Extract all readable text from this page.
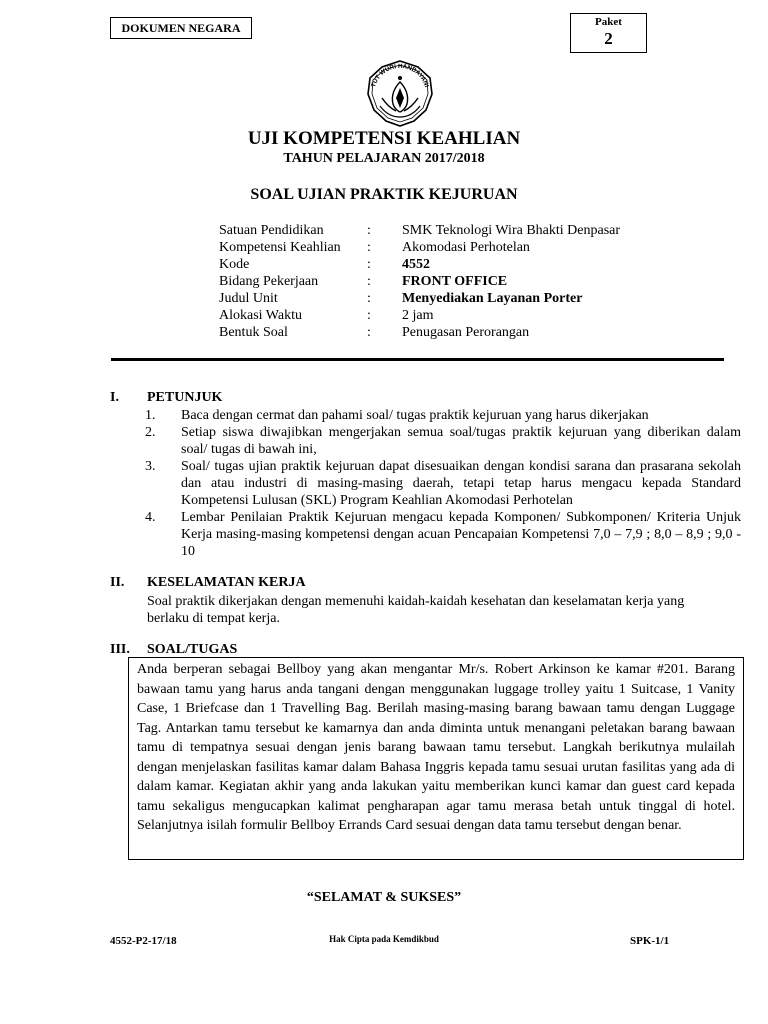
DOKUMEN NEGARA	Paket
2
TUT WURI HANDAYANI
UJI KOMPETENSI KEAHLIAN
TAHUN PELAJARAN 2017/2018
SOAL UJIAN PRAKTIK KEJURUAN
Satuan Pendidikan	: SMK Teknologi Wira Bhakti Denpasar
Kompetensi Keahlian : Akomodasi Perhotelan
Kode	: 4552
Bidang Pekerjaan	: FRONT OFFICE
Judul Unit	: Menyediakan Layanan Porter
Alokasi Waktu	: 2 jam
Bentuk Soal	: Penugasan Perorangan
I. PETUNJUK
1. Baca dengan cermat dan pahami soal/ tugas praktik kejuruan yang harus dikerjakan

2. Setiap siswa diwajibkan mengerjakan semua soal/tugas praktik kejuruan yang diberikan dalam soal/ tugas di bawah ini,

3. Soal/ tugas ujian praktik kejuruan dapat disesuaikan dengan kondisi sarana dan prasarana sekolah dan atau industri di masing-masing daerah, tetapi tetap harus mengacu kepada Standard Kompetensi Lulusan (SKL) Program Keahlian Akomodasi Perhotelan

4. Lembar Penilaian Praktik Kejuruan mengacu kepada Komponen/ Subkomponen/ Kriteria Unjuk Kerja masing-masing kompetensi dengan acuan Pencapaian Kompetensi 7,0 – 7,9 ; 8,0 – 8,9 ; 9,0 - 10

II. KESELAMATAN KERJA
Soal praktik dikerjakan dengan memenuhi kaidah-kaidah kesehatan dan keselamatan kerja yang berlaku di tempat kerja.
III. SOAL/TUGAS
Anda berperan sebagai Bellboy yang akan mengantar Mr/s. Robert Arkinson ke kamar #201. Barang bawaan tamu yang harus anda tangani dengan menggunakan luggage trolley yaitu 1 Suitcase, 1 Vanity Case, 1 Briefcase dan 1 Travelling Bag. Berilah masing-masing barang bawaan tamu dengan Luggage Tag. Antarkan tamu tersebut ke kamarnya dan anda diminta untuk menangani peletakan barang bawaan tamu di tempatnya sesuai dengan jenis barang bawaan tamu tersebut. Langkah berikutnya mulailah dengan menjelaskan fasilitas kamar dalam Bahasa Inggris kepada tamu sesuai urutan fasilitas yang ada di dalam kamar. Kegiatan akhir yang anda lakukan yaitu memberikan kunci kamar dan guest card kepada tamu sekaligus mengucapkan kalimat pengharapan agar tamu merasa betah untuk tinggal di hotel. Selanjutnya isilah formulir Bellboy Errands Card sesuai dengan data tamu tersebut dengan benar.
“SELAMAT & SUKSES”
4552-P2-17/18	Hak Cipta pada Kemdikbud	SPK-1/1
